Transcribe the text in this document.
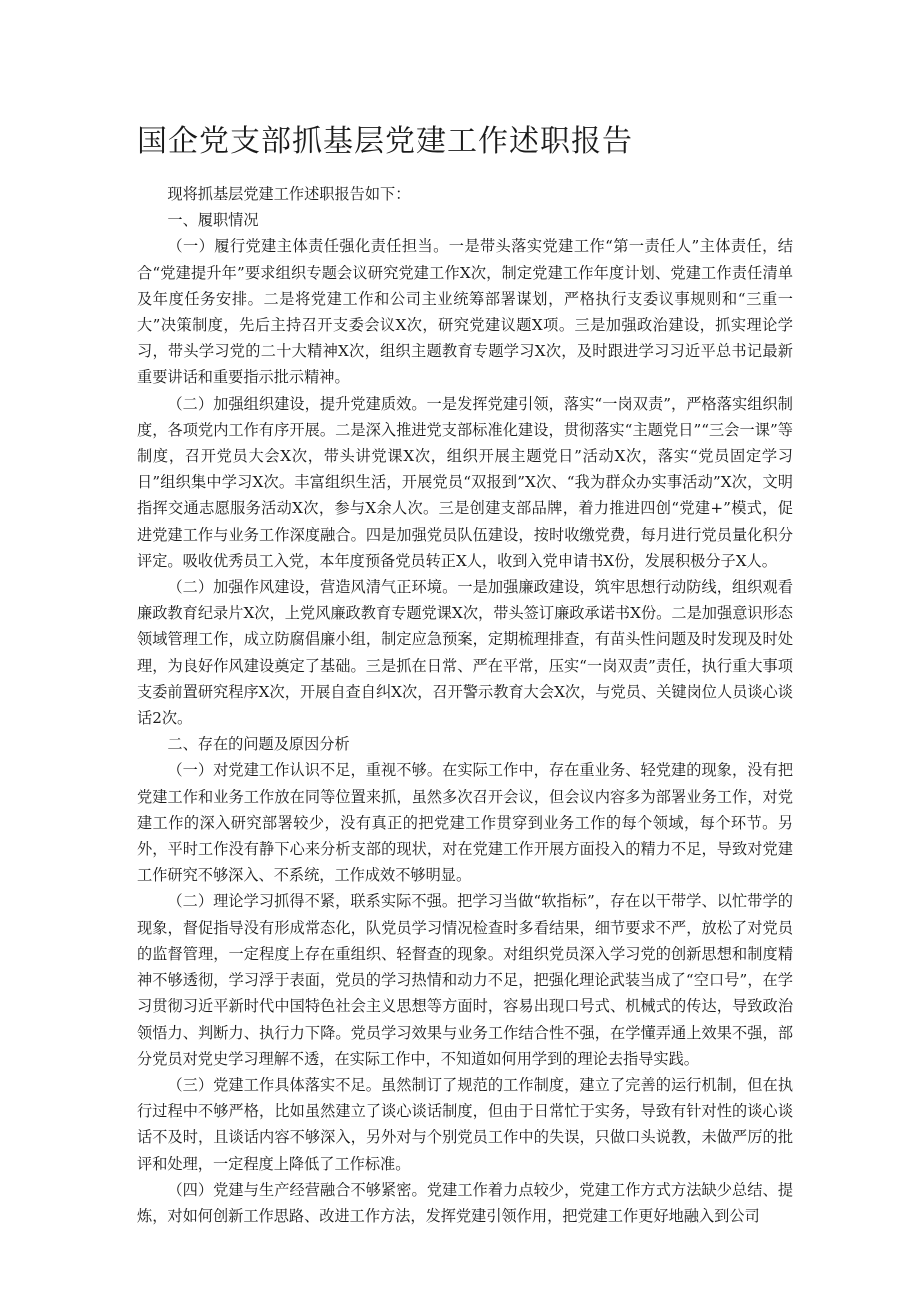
国企党支部抓基层党建工作述职报告

现将抓基层党建工作述职报告如下：

一、履职情况

（一）履行党建主体责任强化责任担当。一是带头落实党建工作“第一责任人”主体责任，结合“党建提升年”要求组织专题会议研究党建工作X次，制定党建工作年度计划、党建工作责任清单及年度任务安排。二是将党建工作和公司主业统筹部署谋划，严格执行支委议事规则和“三重一大”决策制度，先后主持召开支委会议X次，研究党建议题X项。三是加强政治建设，抓实理论学习，带头学习党的二十大精神X次，组织主题教育专题学习X次，及时跟进学习习近平总书记最新重要讲话和重要指示批示精神。

（二）加强组织建设，提升党建质效。一是发挥党建引领，落实“一岗双责”，严格落实组织制度，各项党内工作有序开展。二是深入推进党支部标准化建设，贯彻落实“主题党日”“三会一课”等制度，召开党员大会X次，带头讲党课X次，组织开展主题党日”活动X次，落实“党员固定学习日”组织集中学习X次。丰富组织生活，开展党员“双报到”X次、“我为群众办实事活动”X次，文明指挥交通志愿服务活动X次，参与X余人次。三是创建支部品牌，着力推进四创“党建+”模式，促进党建工作与业务工作深度融合。四是加强党员队伍建设，按时收缴党费，每月进行党员量化积分评定。吸收优秀员工入党，本年度预备党员转正X人，收到入党申请书X份，发展积极分子X人。

（二）加强作风建设，营造风清气正环境。一是加强廉政建设，筑牢思想行动防线，组织观看廉政教育纪录片X次，上党风廉政教育专题党课X次，带头签订廉政承诺书X份。二是加强意识形态领域管理工作，成立防腐倡廉小组，制定应急预案，定期梳理排查，有苗头性问题及时发现及时处理，为良好作风建设奠定了基础。三是抓在日常、严在平常，压实“一岗双责”责任，执行重大事项支委前置研究程序X次，开展自查自纠X次，召开警示教育大会X次，与党员、关键岗位人员谈心谈话2次。

二、存在的问题及原因分析

（一）对党建工作认识不足，重视不够。在实际工作中，存在重业务、轻党建的现象，没有把党建工作和业务工作放在同等位置来抓，虽然多次召开会议，但会议内容多为部署业务工作，对党建工作的深入研究部署较少，没有真正的把党建工作贯穿到业务工作的每个领域，每个环节。另外，平时工作没有静下心来分析支部的现状，对在党建工作开展方面投入的精力不足，导致对党建工作研究不够深入、不系统，工作成效不够明显。

（二）理论学习抓得不紧，联系实际不强。把学习当做“软指标”，存在以干带学、以忙带学的现象，督促指导没有形成常态化，队党员学习情况检查时多看结果，细节要求不严，放松了对党员的监督管理，一定程度上存在重组织、轻督查的现象。对组织党员深入学习党的创新思想和制度精神不够透彻，学习浮于表面，党员的学习热情和动力不足，把强化理论武装当成了“空口号”，在学习贯彻习近平新时代中国特色社会主义思想等方面时，容易出现口号式、机械式的传达，导致政治领悟力、判断力、执行力下降。党员学习效果与业务工作结合性不强，在学懂弄通上效果不强，部分党员对党史学习理解不透，在实际工作中，不知道如何用学到的理论去指导实践。

（三）党建工作具体落实不足。虽然制订了规范的工作制度，建立了完善的运行机制，但在执行过程中不够严格，比如虽然建立了谈心谈话制度，但由于日常忙于实务，导致有针对性的谈心谈话不及时，且谈话内容不够深入，另外对与个别党员工作中的失误，只做口头说教，未做严厉的批评和处理，一定程度上降低了工作标准。

（四）党建与生产经营融合不够紧密。党建工作着力点较少，党建工作方式方法缺少总结、提炼，对如何创新工作思路、改进工作方法，发挥党建引领作用，把党建工作更好地融入到公司
